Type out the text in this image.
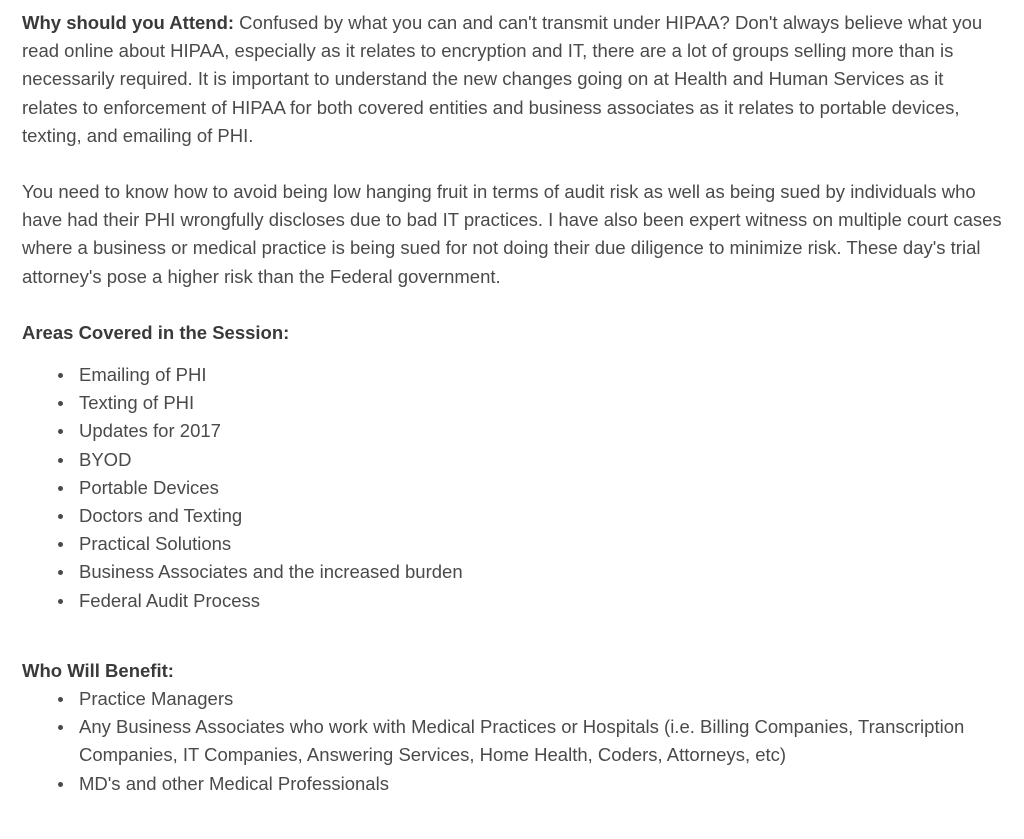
Why should you Attend: Confused by what you can and can't transmit under HIPAA? Don't always believe what you read online about HIPAA, especially as it relates to encryption and IT, there are a lot of groups selling more than is necessarily required. It is important to understand the new changes going on at Health and Human Services as it relates to enforcement of HIPAA for both covered entities and business associates as it relates to portable devices, texting, and emailing of PHI.

You need to know how to avoid being low hanging fruit in terms of audit risk as well as being sued by individuals who have had their PHI wrongfully discloses due to bad IT practices. I have also been expert witness on multiple court cases where a business or medical practice is being sued for not doing their due diligence to minimize risk. These day's trial attorney's pose a higher risk than the Federal government.

Areas Covered in the Session:
Emailing of PHI
Texting of PHI
Updates for 2017
BYOD
Portable Devices
Doctors and Texting
Practical Solutions
Business Associates and the increased burden
Federal Audit Process
Who Will Benefit:
Practice Managers
Any Business Associates who work with Medical Practices or Hospitals (i.e. Billing Companies, Transcription Companies, IT Companies, Answering Services, Home Health, Coders, Attorneys, etc)
MD's and other Medical Professionals
